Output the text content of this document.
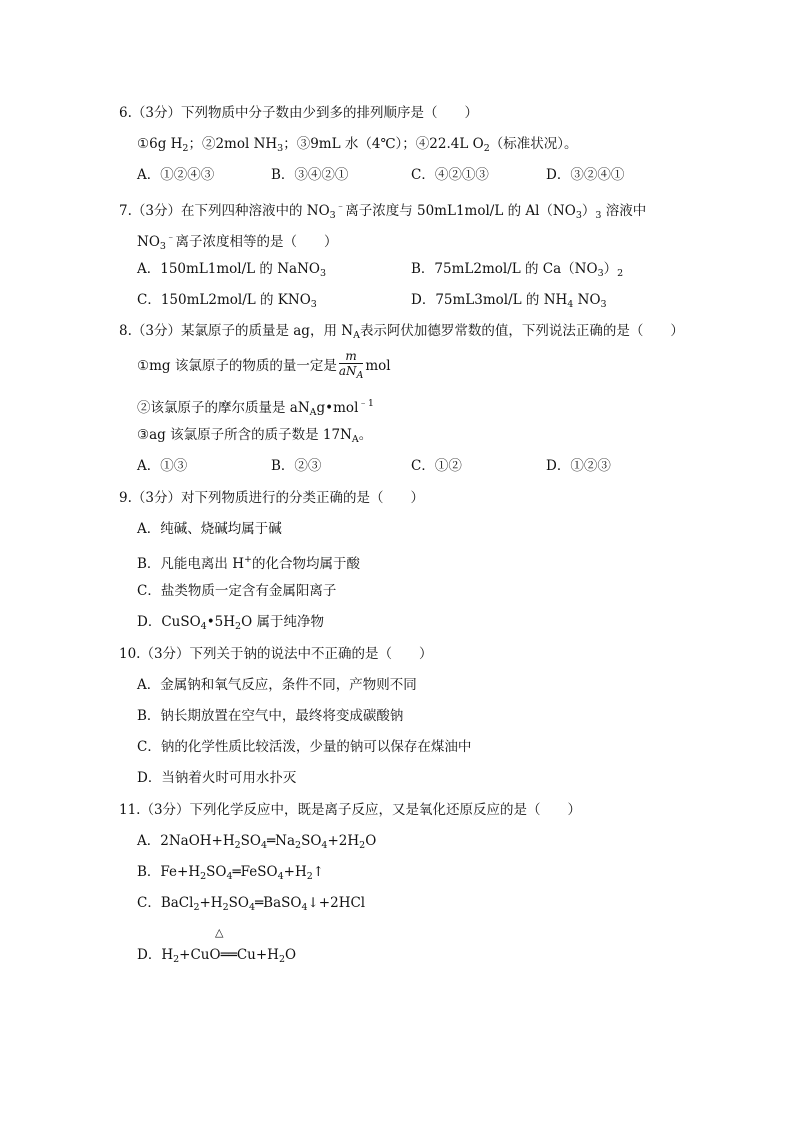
6.（3分）下列物质中分子数由少到多的排列顺序是（　　）
①6g $H_2$；②2mol $NH_3$；③9mL 水（4℃）；④22.4L $O_2$（标准状况）。
A．①②④③	B．③④②①	C．④②①③	D．③②④①
7.（3分）在下列四种溶液中的 $NO_3^﹣$离子浓度与 50mL1mol/L 的 $Al(NO_3)_3$ 溶液中
$NO_3^﹣$离子浓度相等的是（　　）
A．150mL1mol/L 的 NaNO$_3$	B．75mL2mol/L 的 $Ca(NO_3)_2$
C．150mL2mol/L 的 $KNO_3$	D．75mL3mol/L 的 $NH_4$ $NO_3$
8.（3分）某氯原子的质量是 ag，用 $N_A$表示阿伏加德罗常数的值，下列说法正确的是（　　）
①mg 该氯原子的物质的量一定是 $\frac{m}{aN_A}$ mol
②该氯原子的摩尔质量是 $aN_Ag•mol^{﹣1}$
③ag 该氯原子所含的质子数是 $17N_A$。
A．①③	B．②③	C．①②	D．①②③
9.（3分）对下列物质进行的分类正确的是（　　）
A．纯碱、烧碱均属于碱
B．凡能电离出 H+的化合物均属于酸
C．盐类物质一定含有金属阳离子
D．$CuSO_4•5H_2O$ 属于纯净物
10.（3分）下列关于钠的说法中不正确的是（　　）
A．金属钠和氧气反应，条件不同，产物则不同
B．钠长期放置在空气中，最终将变成碳酸钠
C．钠的化学性质比较活泼，少量的钠可以保存在煤油中
D．当钠着火时可用水扑灭
11.（3分）下列化学反应中，既是离子反应，又是氧化还原反应的是（　　）
A．$2NaOH+H_2SO_4═Na_2SO_4+2H_2O$
B．$Fe+H_2SO_4═FeSO_4+H_2↑$
C．$BaCl_2+H_2SO_4═BaSO_4↓+2HCl$
△
D．$H_2+CuO══Cu+H_2O$
